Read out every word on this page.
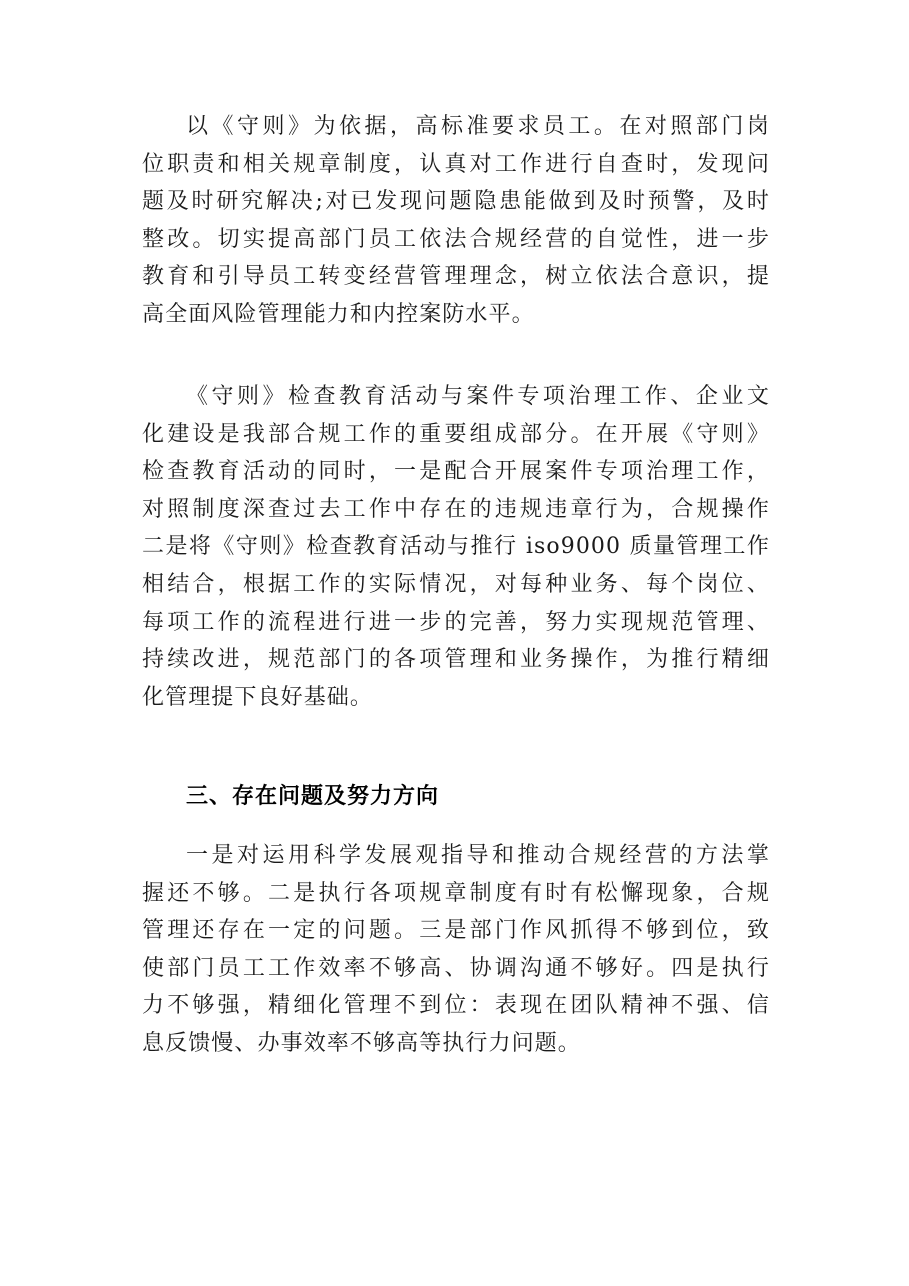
以《守则》为依据，高标准要求员工。在对照部门岗
位职责和相关规章制度，认真对工作进行自查时，发现问
题及时研究解决;对已发现问题隐患能做到及时预警，及时
整改。切实提高部门员工依法合规经营的自觉性，进一步
教育和引导员工转变经营管理理念，树立依法合意识，提
高全面风险管理能力和内控案防水平。
《守则》检查教育活动与案件专项治理工作、企业文
化建设是我部合规工作的重要组成部分。在开展《守则》
检查教育活动的同时，一是配合开展案件专项治理工作，
对照制度深查过去工作中存在的违规违章行为，合规操作
二是将《守则》检查教育活动与推行 iso9000 质量管理工作
相结合，根据工作的实际情况，对每种业务、每个岗位、
每项工作的流程进行进一步的完善，努力实现规范管理、
持续改进，规范部门的各项管理和业务操作，为推行精细
化管理提下良好基础。
三、存在问题及努力方向
一是对运用科学发展观指导和推动合规经营的方法掌
握还不够。二是执行各项规章制度有时有松懈现象，合规
管理还存在一定的问题。三是部门作风抓得不够到位，致
使部门员工工作效率不够高、协调沟通不够好。四是执行
力不够强，精细化管理不到位：表现在团队精神不强、信
息反馈慢、办事效率不够高等执行力问题。
